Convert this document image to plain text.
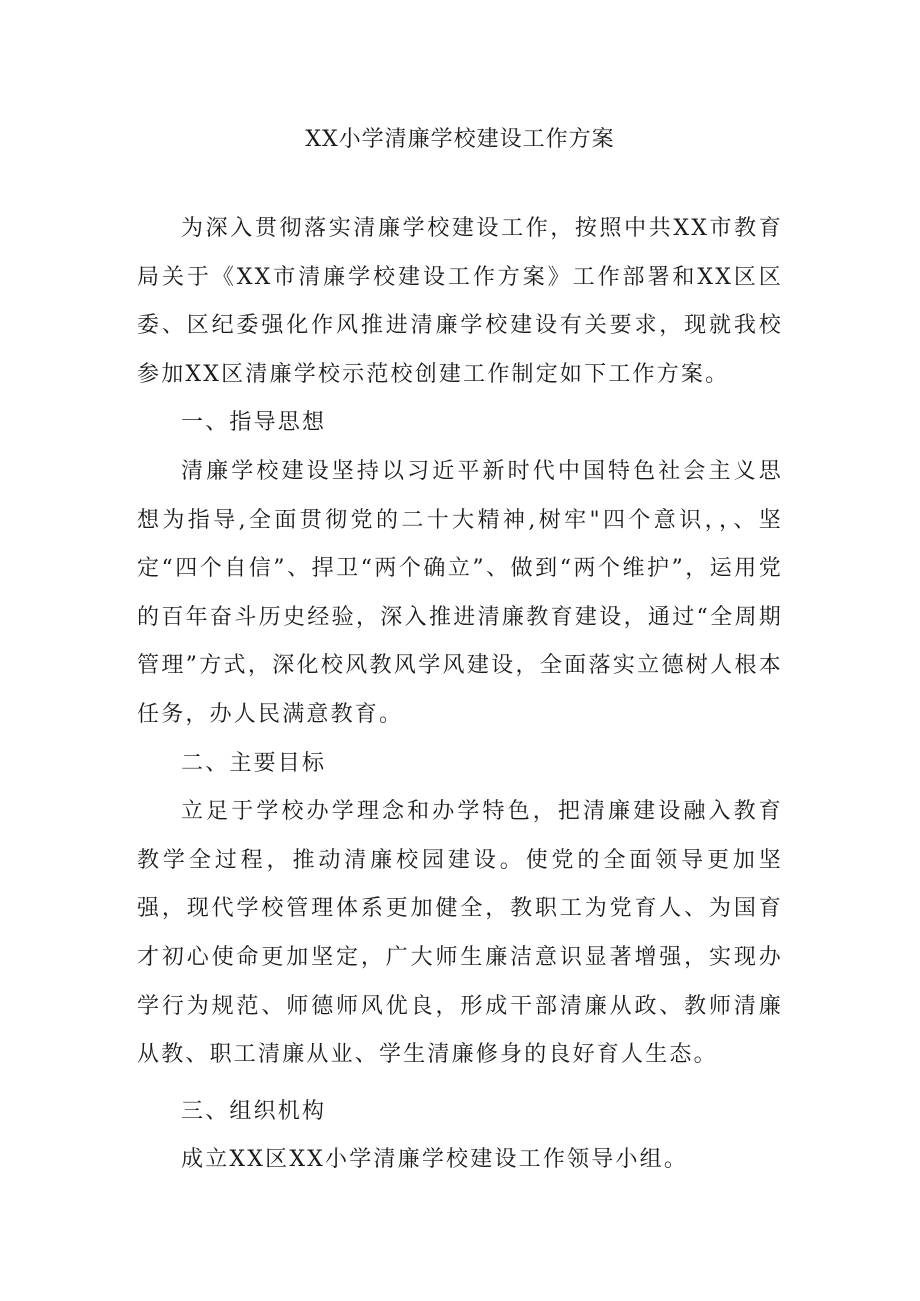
XX小学清廉学校建设工作方案

为深入贯彻落实清廉学校建设工作，按照中共XX市教育局关于《XX市清廉学校建设工作方案》工作部署和XX区区委、区纪委强化作风推进清廉学校建设有关要求，现就我校参加XX区清廉学校示范校创建工作制定如下工作方案。

一、指导思想

清廉学校建设坚持以习近平新时代中国特色社会主义思想为指导,全面贯彻党的二十大精神,树牢"四个意识，，、坚定“四个自信”、捍卫“两个确立”、做到“两个维护”，运用党的百年奋斗历史经验，深入推进清廉教育建设，通过“全周期管理”方式，深化校风教风学风建设，全面落实立德树人根本任务，办人民满意教育。

二、主要目标

立足于学校办学理念和办学特色，把清廉建设融入教育教学全过程，推动清廉校园建设。使党的全面领导更加坚强，现代学校管理体系更加健全，教职工为党育人、为国育才初心使命更加坚定，广大师生廉洁意识显著增强，实现办学行为规范、师德师风优良，形成干部清廉从政、教师清廉从教、职工清廉从业、学生清廉修身的良好育人生态。

三、组织机构

成立XX区XX小学清廉学校建设工作领导小组。
